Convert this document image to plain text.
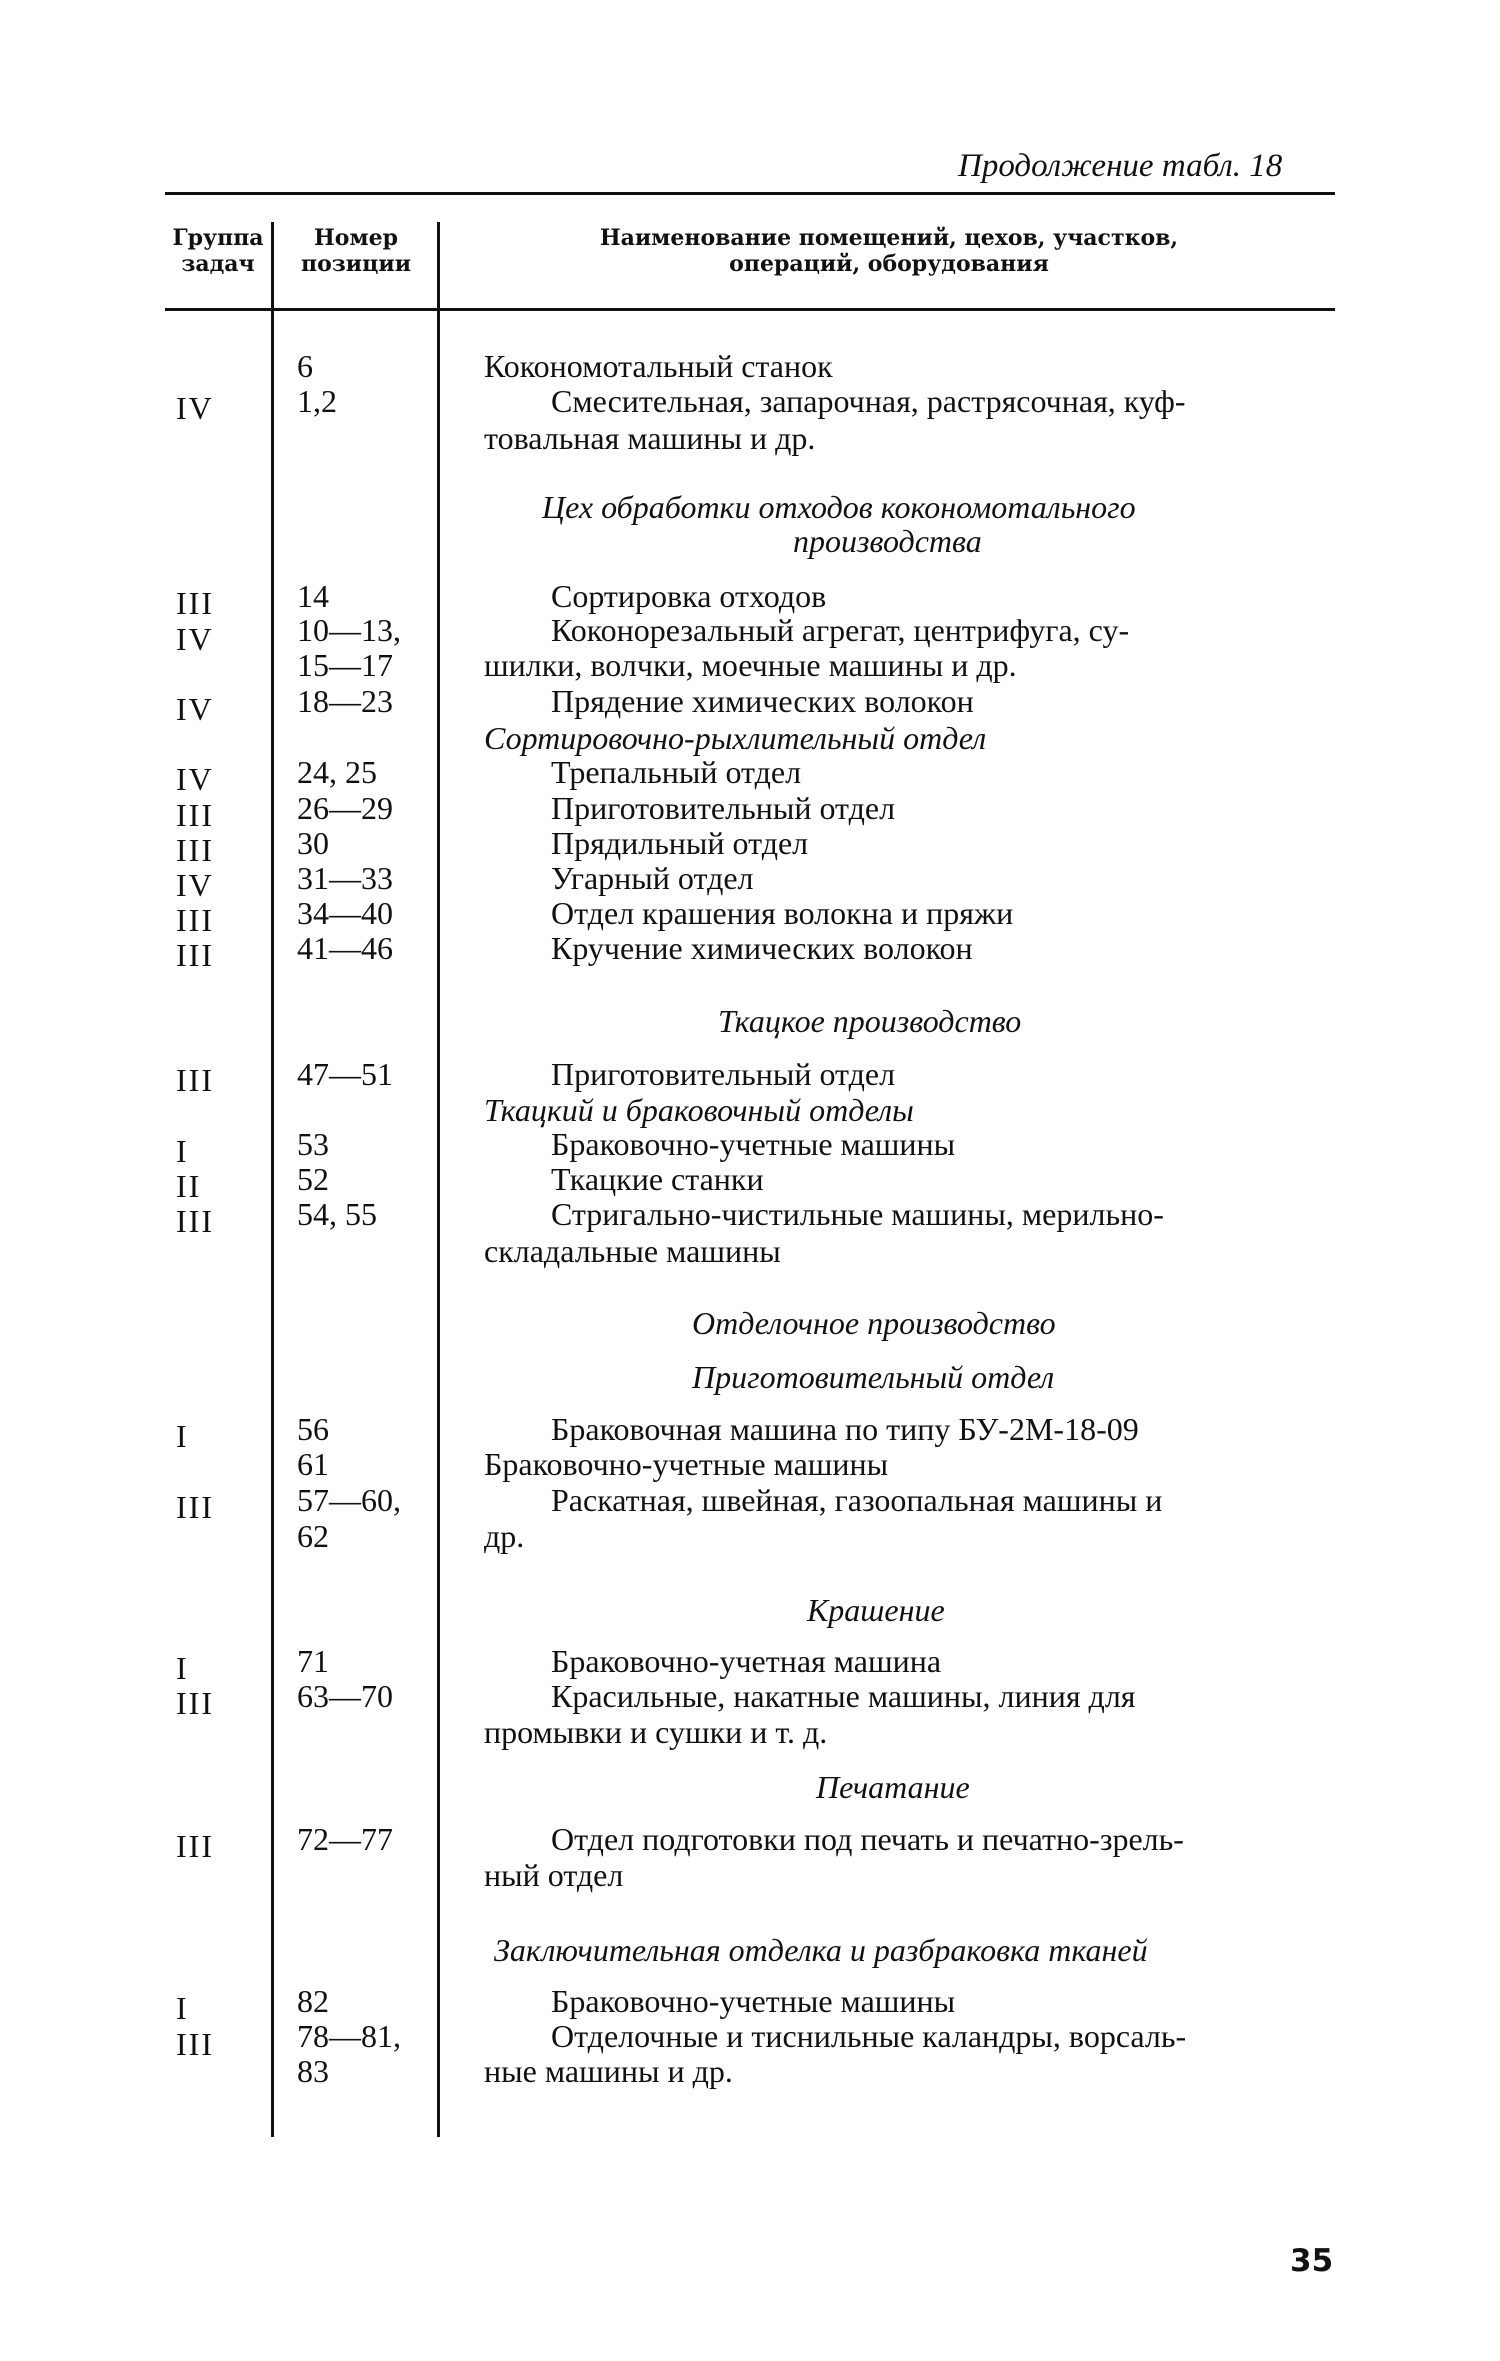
Продолжение табл. 18
Группа
задач
Номер
позиции
Наименование помещений, цехов, участков,
операций, оборудования
IV
III
IV
IV
IV
III
III
IV
III
III
III
I
II
III
I
III
I
III
III
I
III
6
1,2
14
10—13,
15—17
18—23
24, 25
26—29
30
31—33
34—40
41—46
47—51
53
52
54, 55
56
61
57—60,
62
71
63—70
72—77
82
78—81,
83
Кокономотальный станок
Смесительная, запарочная, растрясочная, куф-
товальная машины и др.
Цех обработки отходов кокономотального
производства
Сортировка отходов
Коконорезальный агрегат, центрифуга, су-
шилки, волчки, моечные машины и др.
Прядение химических волокон
Сортировочно-рыхлительный отдел
Трепальный отдел
Приготовительный отдел
Прядильный отдел
Угарный отдел
Отдел крашения волокна и пряжи
Кручение химических волокон
Ткацкое производство
Приготовительный отдел
Ткацкий и браковочный отделы
Браковочно-учетные машины
Ткацкие станки
Стригально-чистильные машины, мерильно-
складальные машины
Отделочное производство
Приготовительный отдел
Браковочная машина по типу БУ-2М-18-09
Браковочно-учетные машины
Раскатная, швейная, газоопальная машины и
др.
Крашение
Браковочно-учетная машина
Красильные, накатные машины, линия для
промывки и сушки и т. д.
Печатание
Отдел подготовки под печать и печатно-зрель-
ный отдел
Заключительная отделка и разбраковка тканей
Браковочно-учетные машины
Отделочные и тиснильные каландры, ворсаль-
ные машины и др.
35
